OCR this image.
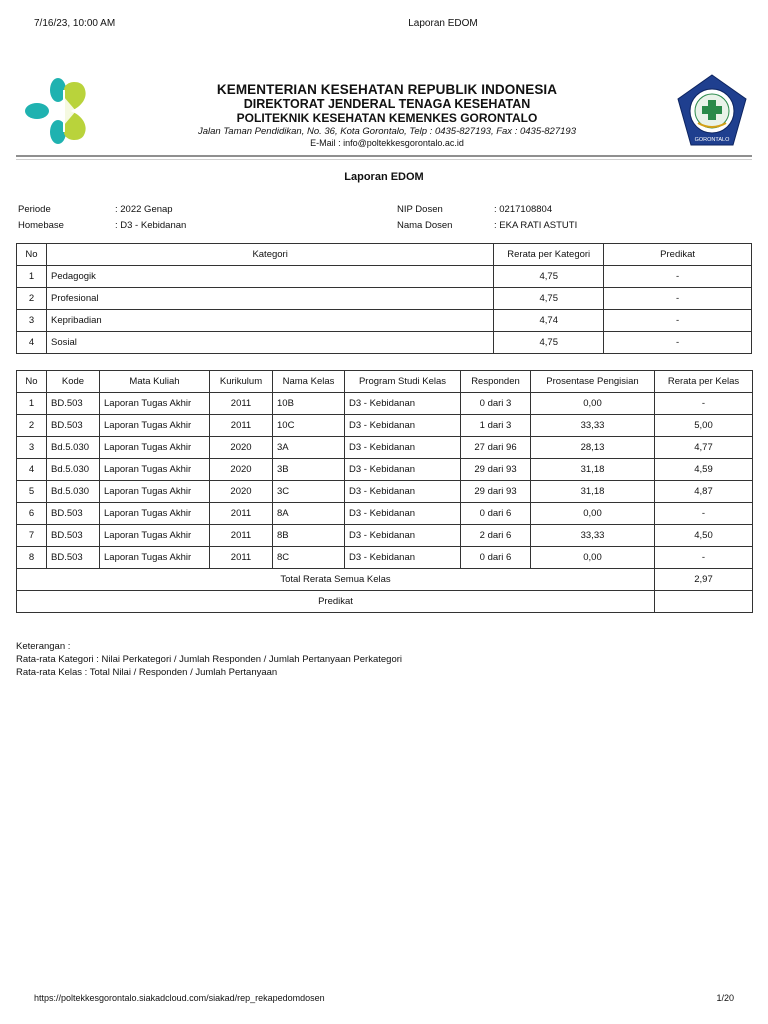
7/16/23, 10:00 AM	Laporan EDOM
KEMENTERIAN KESEHATAN REPUBLIK INDONESIA
DIREKTORAT JENDERAL TENAGA KESEHATAN
POLITEKNIK KESEHATAN KEMENKES GORONTALO
Jalan Taman Pendidikan, No. 36, Kota Gorontalo, Telp : 0435-827193, Fax : 0435-827193
E-Mail : info@poltekkesgorontalo.ac.id	GORONTALO
Laporan EDOM
Periode	: 2022 Genap
Homebase	: D3 - Kebidanan
NIP Dosen	: 0217108804
Nama Dosen	: EKA RATI ASTUTI
No	Kategori	Rerata per Kategori	Predikat
1	Pedagogik	4,75	-
2	Profesional	4,75	-
3	Kepribadian	4,74	-
4	Sosial	4,75	-
No	Kode	Mata Kuliah	Kurikulum	Nama Kelas	Program Studi Kelas	Responden	Prosentase Pengisian	Rerata per Kelas
1	BD.503	Laporan Tugas Akhir	2011	10B	D3 - Kebidanan	0 dari 3	0,00	-
2	BD.503	Laporan Tugas Akhir	2011	10C	D3 - Kebidanan	1 dari 3	33,33	5,00
3	Bd.5.030	Laporan Tugas Akhir	2020	3A	D3 - Kebidanan	27 dari 96	28,13	4,77
4	Bd.5.030	Laporan Tugas Akhir	2020	3B	D3 - Kebidanan	29 dari 93	31,18	4,59
5	Bd.5.030	Laporan Tugas Akhir	2020	3C	D3 - Kebidanan	29 dari 93	31,18	4,87
6	BD.503	Laporan Tugas Akhir	2011	8A	D3 - Kebidanan	0 dari 6	0,00	-
7	BD.503	Laporan Tugas Akhir	2011	8B	D3 - Kebidanan	2 dari 6	33,33	4,50
8	BD.503	Laporan Tugas Akhir	2011	8C	D3 - Kebidanan	0 dari 6	0,00	-
Total Rerata Semua Kelas								2,97
Predikat								
Keterangan :
Rata-rata Kategori : Nilai Perkategori / Jumlah Responden / Jumlah Pertanyaan Perkategori
Rata-rata Kelas : Total Nilai / Responden / Jumlah Pertanyaan
https://poltekkesgorontalo.siakadcloud.com/siakad/rep_rekapedomdosen	1/20
